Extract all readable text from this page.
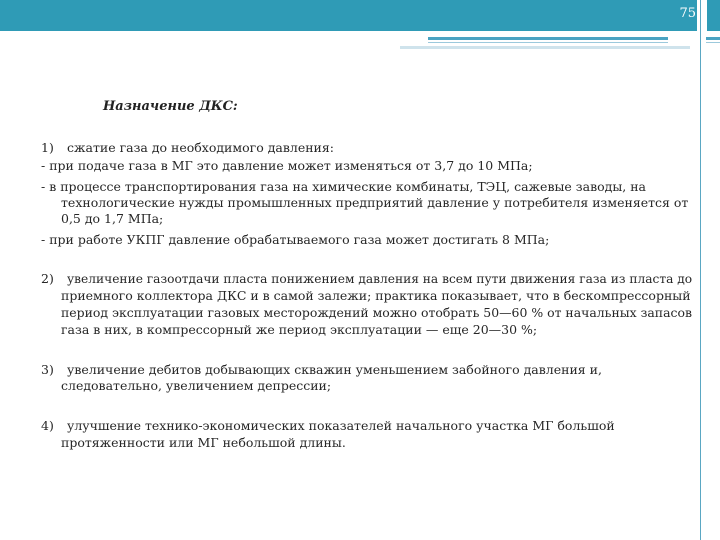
75
Назначение ДКС:
1) сжатие газа до необходимого давления:
- при подаче газа в МГ это давление может изменяться от 3,7 до 10 МПа;
- в процессе транспортирования газа на химические комбинаты, ТЭЦ, сажевые заводы, на
технологические нужды промышленных предприятий давление у потребителя изменяется от
0,5 до 1,7 МПа;
- при работе УКПГ давление обрабатываемого газа может достигать 8 МПа;
2) увеличение газоотдачи пласта понижением давления на всем пути движения газа из пласта до
приемного коллектора ДКС и в самой залежи; практика показывает, что в бескомпрессорный
период эксплуатации газовых месторождений можно отобрать 50—60 % от начальных запасов
газа в них, в компрессорный же период эксплуатации — еще 20—30 %;
3) увеличение дебитов добывающих скважин уменьшением забойного давления и,
следовательно, увеличением депрессии;
4) улучшение технико-экономических показателей начального участка МГ большой
протяженности или МГ небольшой длины.
